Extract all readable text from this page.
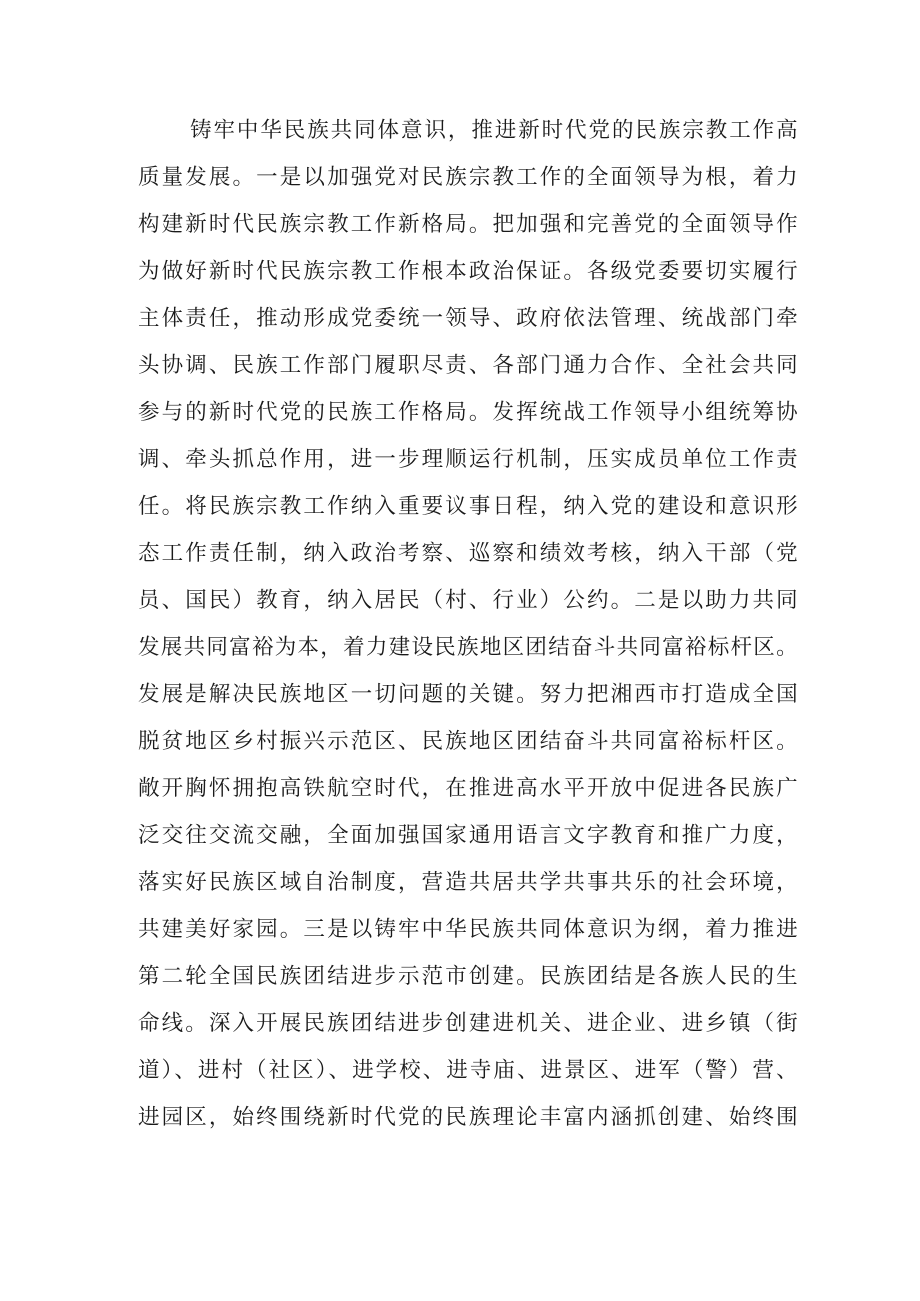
铸牢中华民族共同体意识，推进新时代党的民族宗教工作高
质量发展。一是以加强党对民族宗教工作的全面领导为根，着力
构建新时代民族宗教工作新格局。把加强和完善党的全面领导作
为做好新时代民族宗教工作根本政治保证。各级党委要切实履行
主体责任，推动形成党委统一领导、政府依法管理、统战部门牵
头协调、民族工作部门履职尽责、各部门通力合作、全社会共同
参与的新时代党的民族工作格局。发挥统战工作领导小组统筹协
调、牵头抓总作用，进一步理顺运行机制，压实成员单位工作责
任。将民族宗教工作纳入重要议事日程，纳入党的建设和意识形
态工作责任制，纳入政治考察、巡察和绩效考核，纳入干部（党
员、国民）教育，纳入居民（村、行业）公约。二是以助力共同
发展共同富裕为本，着力建设民族地区团结奋斗共同富裕标杆区。
发展是解决民族地区一切问题的关键。努力把湘西市打造成全国
脱贫地区乡村振兴示范区、民族地区团结奋斗共同富裕标杆区。
敞开胸怀拥抱高铁航空时代，在推进高水平开放中促进各民族广
泛交往交流交融，全面加强国家通用语言文字教育和推广力度，
落实好民族区域自治制度，营造共居共学共事共乐的社会环境，
共建美好家园。三是以铸牢中华民族共同体意识为纲，着力推进
第二轮全国民族团结进步示范市创建。民族团结是各族人民的生
命线。深入开展民族团结进步创建进机关、进企业、进乡镇（街
道）、进村（社区）、进学校、进寺庙、进景区、进军（警）营、
进园区，始终围绕新时代党的民族理论丰富内涵抓创建、始终围
